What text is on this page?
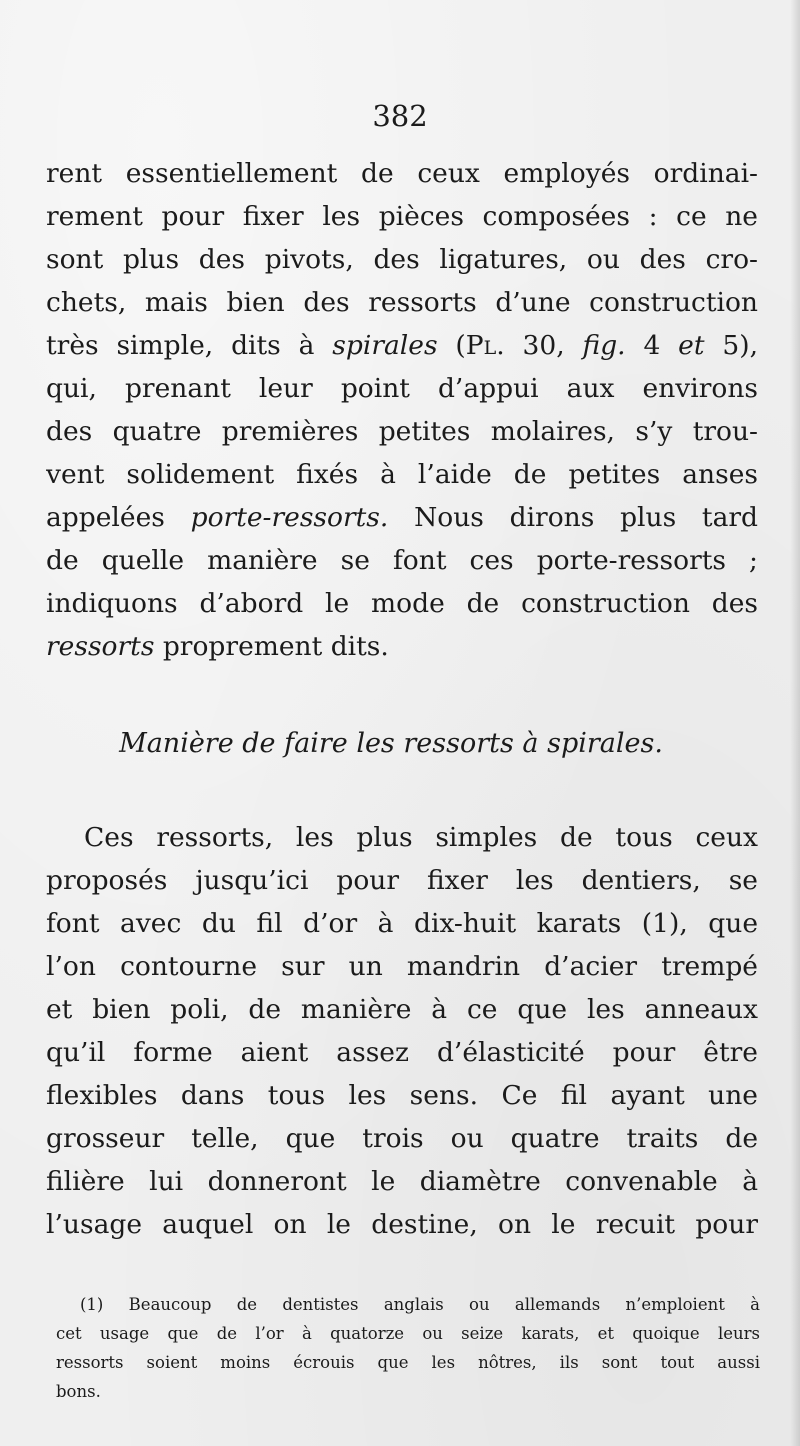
382
rent essentiellement de ceux employés ordinai-
rement pour fixer les pièces composées : ce ne
sont plus des pivots, des ligatures, ou des cro-
chets, mais bien des ressorts d’une construction
très simple, dits à spirales (Pl. 30, fig. 4 et 5),
qui, prenant leur point d’appui aux environs
des quatre premières petites molaires, s’y trou-
vent solidement fixés à l’aide de petites anses
appelées porte-ressorts. Nous dirons plus tard
de quelle manière se font ces porte-ressorts ;
indiquons d’abord le mode de construction des
ressorts proprement dits.
Manière de faire les ressorts à spirales.
Ces ressorts, les plus simples de tous ceux
proposés jusqu’ici pour fixer les dentiers, se
font avec du fil d’or à dix-huit karats (1), que
l’on contourne sur un mandrin d’acier trempé
et bien poli, de manière à ce que les anneaux
qu’il forme aient assez d’élasticité pour être
flexibles dans tous les sens. Ce fil ayant une
grosseur telle, que trois ou quatre traits de
filière lui donneront le diamètre convenable à
l’usage auquel on le destine, on le recuit pour
(1) Beaucoup de dentistes anglais ou allemands n’emploient à
cet usage que de l’or à quatorze ou seize karats, et quoique leurs
ressorts soient moins écrouis que les nôtres, ils sont tout aussi
bons.
